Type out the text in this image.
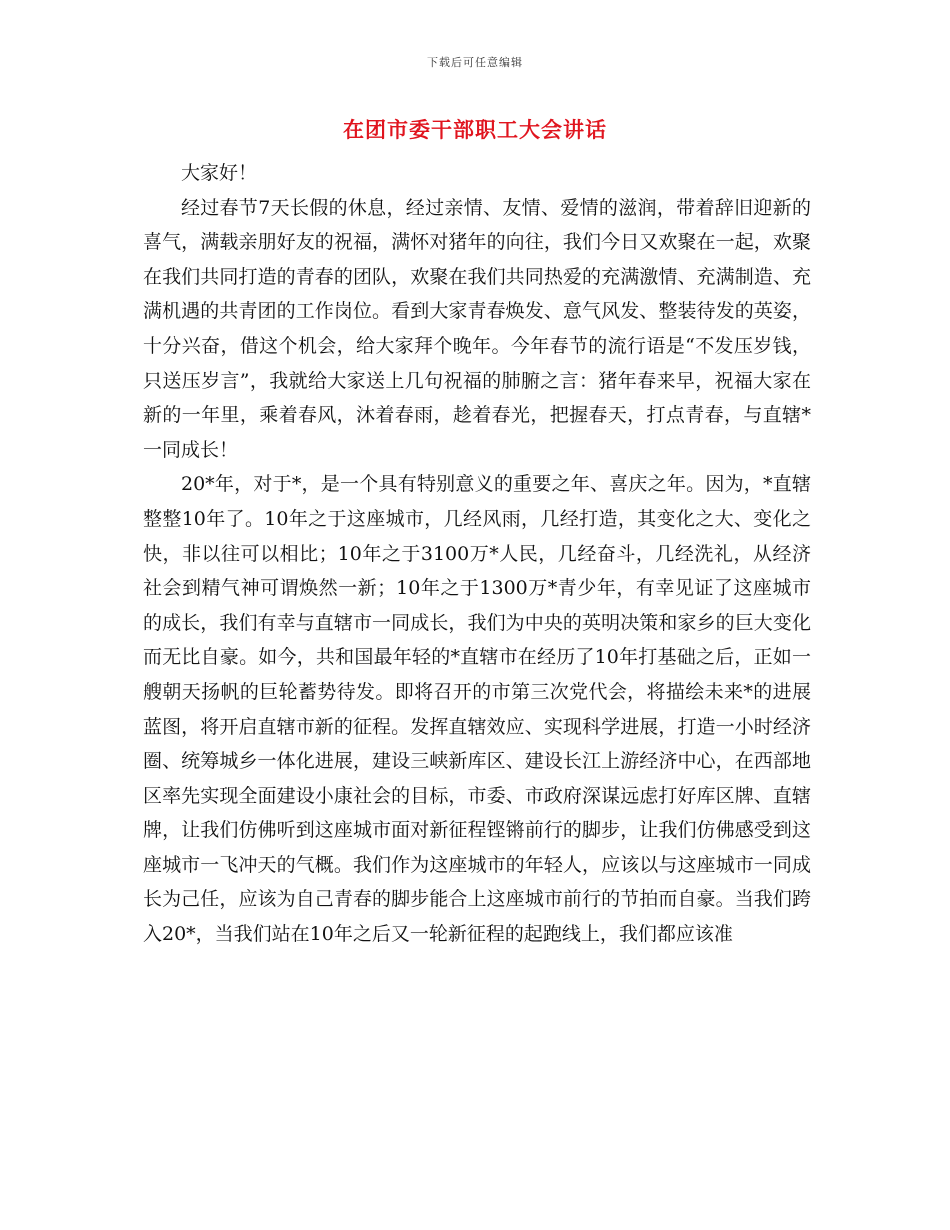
下载后可任意编辑
在团市委干部职工大会讲话

大家好！

经过春节7天长假的休息，经过亲情、友情、爱情的滋润，带着辞旧迎新的喜气，满载亲朋好友的祝福，满怀对猪年的向往，我们今日又欢聚在一起，欢聚在我们共同打造的青春的团队，欢聚在我们共同热爱的充满激情、充满制造、充满机遇的共青团的工作岗位。看到大家青春焕发、意气风发、整装待发的英姿，十分兴奋，借这个机会，给大家拜个晚年。今年春节的流行语是“不发压岁钱，只送压岁言”，我就给大家送上几句祝福的肺腑之言：猪年春来早，祝福大家在新的一年里，乘着春风，沐着春雨，趁着春光，把握春天，打点青春，与直辖*一同成长！

20*年，对于*，是一个具有特别意义的重要之年、喜庆之年。因为，*直辖整整10年了。10年之于这座城市，几经风雨，几经打造，其变化之大、变化之快，非以往可以相比；10年之于3100万*人民，几经奋斗，几经洗礼，从经济社会到精气神可谓焕然一新；10年之于1300万*青少年，有幸见证了这座城市的成长，我们有幸与直辖市一同成长，我们为中央的英明决策和家乡的巨大变化而无比自豪。如今，共和国最年轻的*直辖市在经历了10年打基础之后，正如一艘朝天扬帆的巨轮蓄势待发。即将召开的市第三次党代会，将描绘未来*的进展蓝图，将开启直辖市新的征程。发挥直辖效应、实现科学进展，打造一小时经济圈、统筹城乡一体化进展，建设三峡新库区、建设长江上游经济中心，在西部地区率先实现全面建设小康社会的目标，市委、市政府深谋远虑打好库区牌、直辖牌，让我们仿佛听到这座城市面对新征程铿锵前行的脚步，让我们仿佛感受到这座城市一飞冲天的气概。我们作为这座城市的年轻人，应该以与这座城市一同成长为己任，应该为自己青春的脚步能合上这座城市前行的节拍而自豪。当我们跨入20*，当我们站在10年之后又一轮新征程的起跑线上，我们都应该准
